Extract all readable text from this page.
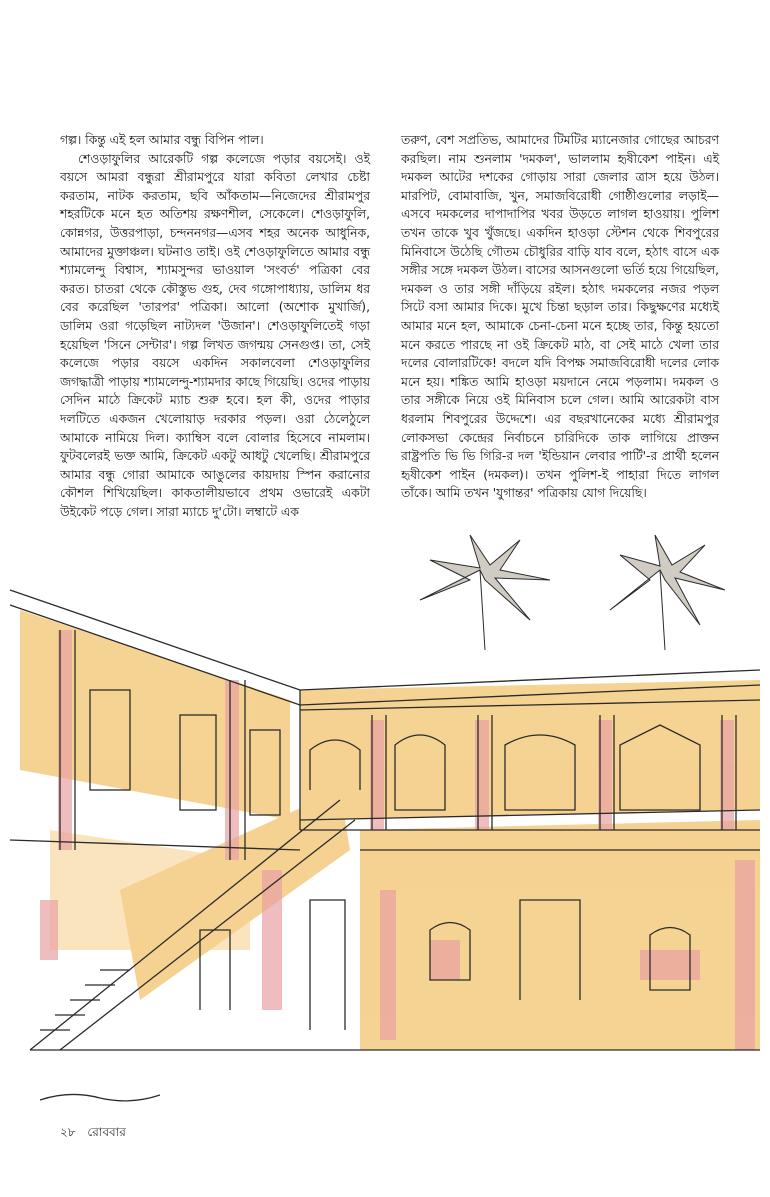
গল্প। কিন্তু এই হল আমার বন্ধু বিপিন পাল।

শেওড়াফুলির আরেকটি গল্প কলেজে পড়ার বয়সেই। ওই বয়সে আমরা বন্ধুরা শ্রীরামপুরে যারা কবিতা লেখার চেষ্টা করতাম, নাটক করতাম, ছবি আঁকতাম—নিজেদের শ্রীরামপুর শহরটিকে মনে হত অতিশয় রক্ষণশীল, সেকেলে। শেওড়াফুলি, কোন্নগর, উত্তরপাড়া, চন্দননগর—এসব শহর অনেক আধুনিক, আমাদের মুক্তাঞ্চল। ঘটনাও তাই। ওই শেওড়াফুলিতে আমার বন্ধু শ্যামলেন্দু বিশ্বাস, শ্যামসুন্দর ভাওয়াল 'সংবর্ত' পত্রিকা বের করত। চাতরা থেকে কৌস্তুভ গুহ, দেব গঙ্গোপাধ্যায়, ডালিম ধর বের করেছিল 'তারপর' পত্রিকা। আলো (অশোক মুখার্জি), ডালিম ওরা গড়েছিল নাট্যদল 'উজান'। শেওড়াফুলিতেই গড়া হয়েছিল 'সিনে সেন্টার'। গল্প লিখত জগন্ময় সেনগুপ্ত। তা, সেই কলেজে পড়ার বয়সে একদিন সকালবেলা শেওড়াফুলির জগদ্ধাত্রী পাড়ায় শ্যামলেন্দু-শ্যামদার কাছে গিয়েছি। ওদের পাড়ায় সেদিন মাঠে ক্রিকেট ম্যাচ শুরু হবে। হল কী, ওদের পাড়ার দলটিতে একজন খেলোয়াড় দরকার পড়ল। ওরা ঠেলেঠুলে আমাকে নামিয়ে দিল। ক্যাম্বিস বলে বোলার হিসেবে নামলাম। ফুটবলেরই ভক্ত আমি, ক্রিকেট একটু আধটু খেলেছি। শ্রীরামপুরে আমার বন্ধু গোরা আমাকে আঙুলের কায়দায় স্পিন করানোর কৌশল শিখিয়েছিল। কাকতালীয়ভাবে প্রথম ওভারেই একটা উইকেট পড়ে গেল। সারা ম্যাচে দু'টো। লম্বাটে এক

তরুণ, বেশ সপ্রতিভ, আমাদের টিমটির ম্যানেজার গোছের আচরণ করছিল। নাম শুনলাম 'দমকল', ভাললাম হৃষীকেশ পাইন। এই দমকল আটের দশকের গোড়ায় সারা জেলার ত্রাস হয়ে উঠল। মারপিট, বোমাবাজি, খুন, সমাজবিরোধী গোষ্ঠীগুলোর লড়াই—এসবে দমকলের দাপাদাপির খবর উড়তে লাগল হাওয়ায়। পুলিশ তখন তাকে খুব খুঁজছে। একদিন হাওড়া স্টেশন থেকে শিবপুরের মিনিবাসে উঠেছি গৌতম চৌধুরির বাড়ি যাব বলে, হঠাৎ বাসে এক সঙ্গীর সঙ্গে দমকল উঠল। বাসের আসনগুলো ভর্তি হয়ে গিয়েছিল, দমকল ও তার সঙ্গী দাঁড়িয়ে রইল। হঠাৎ দমকলের নজর পড়ল সিটে বসা আমার দিকে। মুখে চিন্তা ছড়াল তার। কিছুক্ষণের মধ্যেই আমার মনে হল, আমাকে চেনা-চেনা মনে হচ্ছে তার, কিন্তু হয়তো মনে করতে পারছে না ওই ক্রিকেট মাঠ, বা সেই মাঠে খেলা তার দলের বোলারটিকে! বদলে যদি বিপক্ষ সমাজবিরোধী দলের লোক মনে হয়। শঙ্কিত আমি হাওড়া ময়দানে নেমে পড়লাম। দমকল ও তার সঙ্গীকে নিয়ে ওই মিনিবাস চলে গেল। আমি আরেকটা বাস ধরলাম শিবপুরের উদ্দেশে। এর বছরখানেকের মধ্যে শ্রীরামপুর লোকসভা কেন্দ্রের নির্বাচনে চারিদিকে তাক লাগিয়ে প্রাক্তন রাষ্ট্রপতি ভি ভি গিরি-র দল 'ইন্ডিয়ান লেবার পার্টি'-র প্রার্থী হলেন হৃষীকেশ পাইন (দমকল)। তখন পুলিশ-ই পাহারা দিতে লাগল তাঁকে। আমি তখন 'যুগান্তর' পত্রিকায় যোগ দিয়েছি।

২৮ রোববার
